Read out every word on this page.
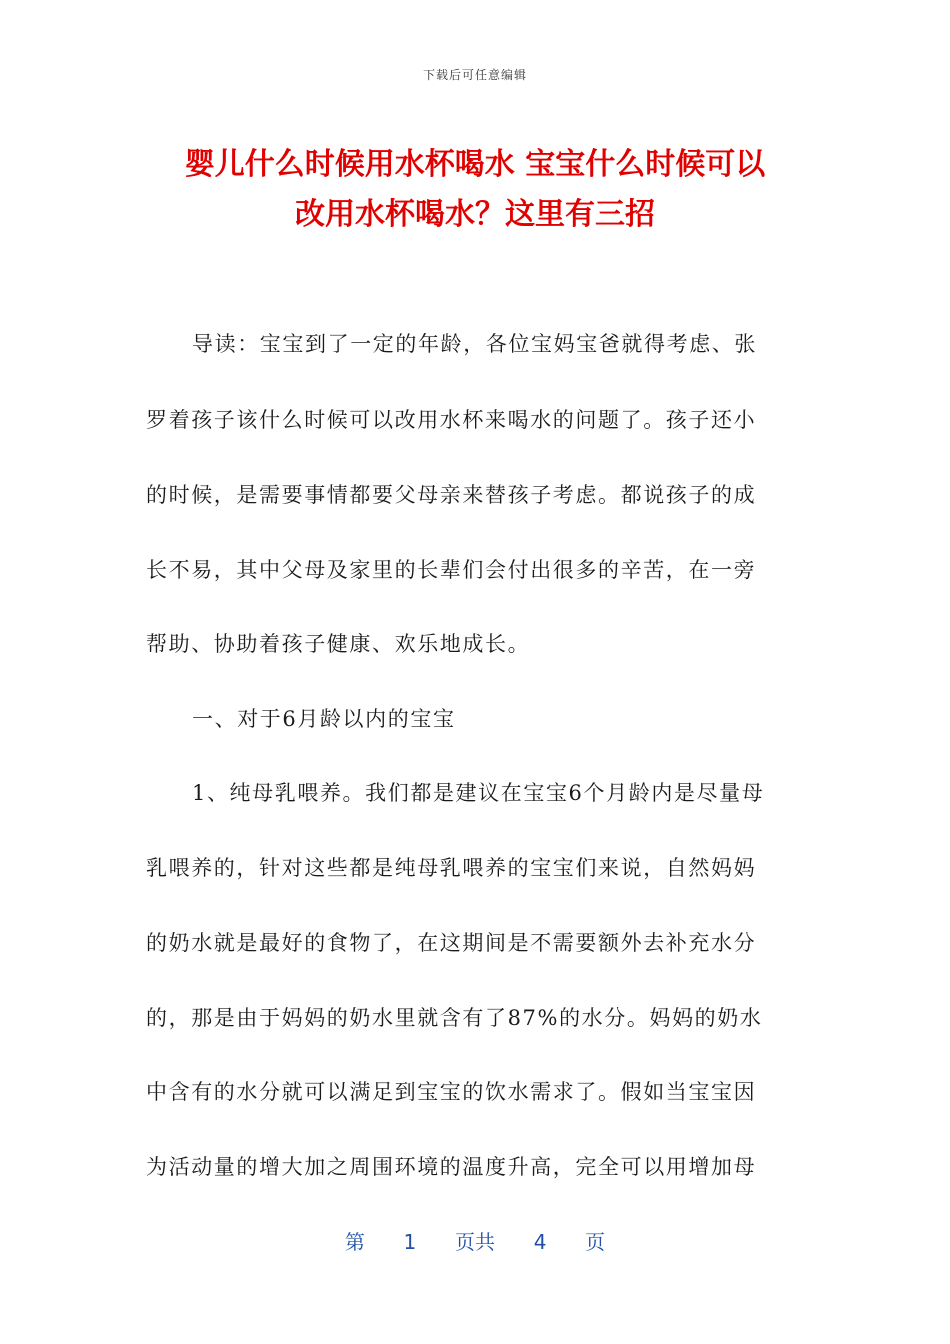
下载后可任意编辑
婴儿什么时候用水杯喝水 宝宝什么时候可以
改用水杯喝水？这里有三招
导读：宝宝到了一定的年龄，各位宝妈宝爸就得考虑、张
罗着孩子该什么时候可以改用水杯来喝水的问题了。孩子还小
的时候，是需要事情都要父母亲来替孩子考虑。都说孩子的成
长不易，其中父母及家里的长辈们会付出很多的辛苦，在一旁
帮助、协助着孩子健康、欢乐地成长。
一、对于6月龄以内的宝宝
1、纯母乳喂养。我们都是建议在宝宝6个月龄内是尽量母
乳喂养的，针对这些都是纯母乳喂养的宝宝们来说，自然妈妈
的奶水就是最好的食物了，在这期间是不需要额外去补充水分
的，那是由于妈妈的奶水里就含有了87%的水分。妈妈的奶水
中含有的水分就可以满足到宝宝的饮水需求了。假如当宝宝因
为活动量的增大加之周围环境的温度升高，完全可以用增加母
第 1 页共 4 页
